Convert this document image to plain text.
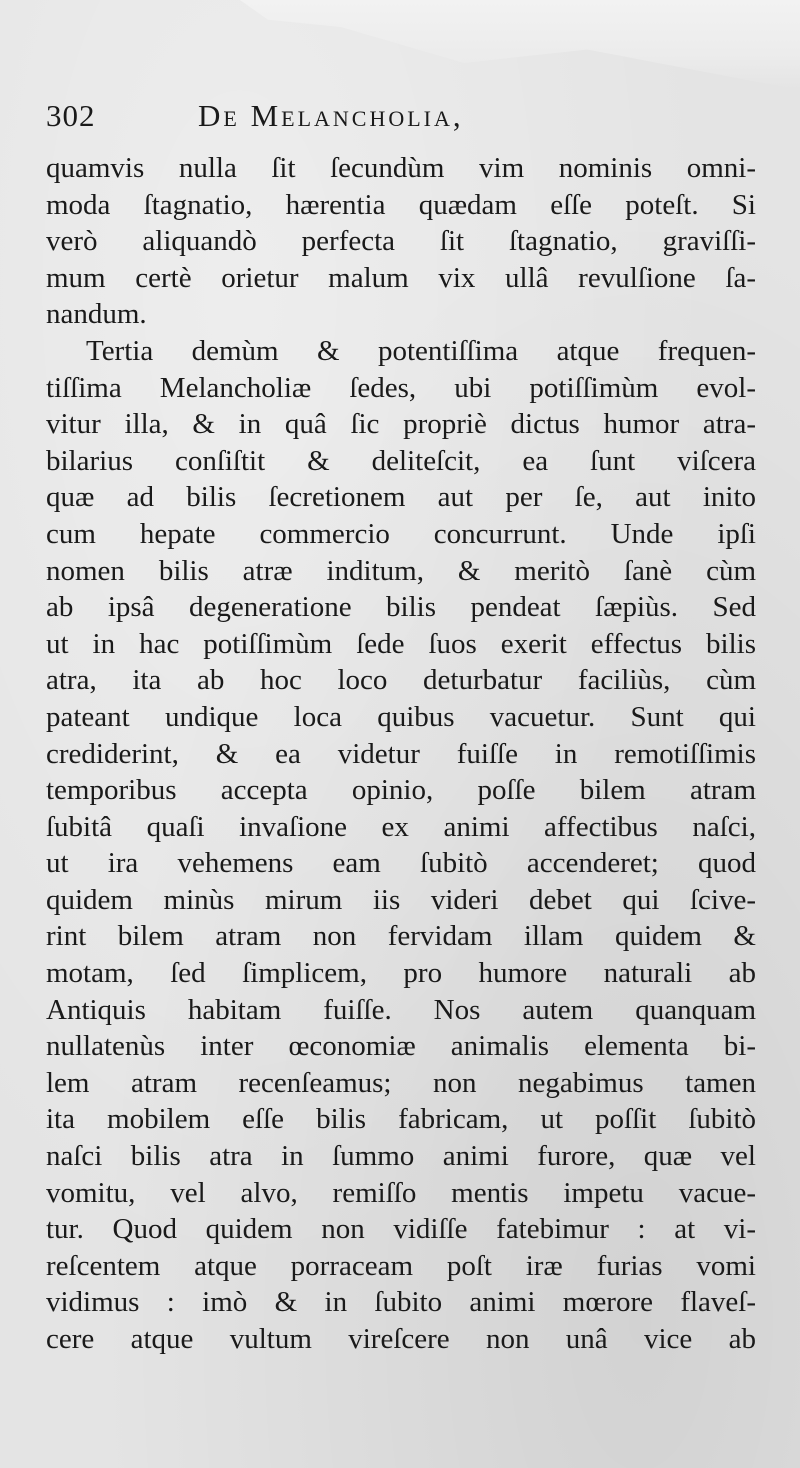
302	De Melancholia,
quamvis nulla ſit ſecundùm vim nominis omni-
moda ſtagnatio, hærentia quædam eſſe poteſt. Si
verò aliquandò perfecta ſit ſtagnatio, graviſſi-
mum certè orietur malum vix ullâ revulſione ſa-
nandum.
Tertia demùm & potentiſſima atque frequen-
tiſſima Melancholiæ ſedes, ubi potiſſimùm evol-
vitur illa, & in quâ ſic propriè dictus humor atra-
bilarius conſiſtit & deliteſcit, ea ſunt viſcera
quæ ad bilis ſecretionem aut per ſe, aut inito
cum hepate commercio concurrunt. Unde ipſi
nomen bilis atræ inditum, & meritò ſanè cùm
ab ipsâ degeneratione bilis pendeat ſæpiùs. Sed
ut in hac potiſſimùm ſede ſuos exerit effectus bilis
atra, ita ab hoc loco deturbatur faciliùs, cùm
pateant undique loca quibus vacuetur. Sunt qui
crediderint, & ea videtur fuiſſe in remotiſſimis
temporibus accepta opinio, poſſe bilem atram
ſubitâ quaſi invaſione ex animi affectibus naſci,
ut ira vehemens eam ſubitò accenderet; quod
quidem minùs mirum iis videri debet qui ſcive-
rint bilem atram non fervidam illam quidem &
motam, ſed ſimplicem, pro humore naturali ab
Antiquis habitam fuiſſe. Nos autem quanquam
nullatenùs inter œconomiæ animalis elementa bi-
lem atram recenſeamus; non negabimus tamen
ita mobilem eſſe bilis fabricam, ut poſſit ſubitò
naſci bilis atra in ſummo animi furore, quæ vel
vomitu, vel alvo, remiſſo mentis impetu vacue-
tur. Quod quidem non vidiſſe fatebimur : at vi-
reſcentem atque porraceam poſt iræ furias vomi
vidimus : imò & in ſubito animi mœrore flaveſ-
cere atque vultum vireſcere non unâ vice ab
